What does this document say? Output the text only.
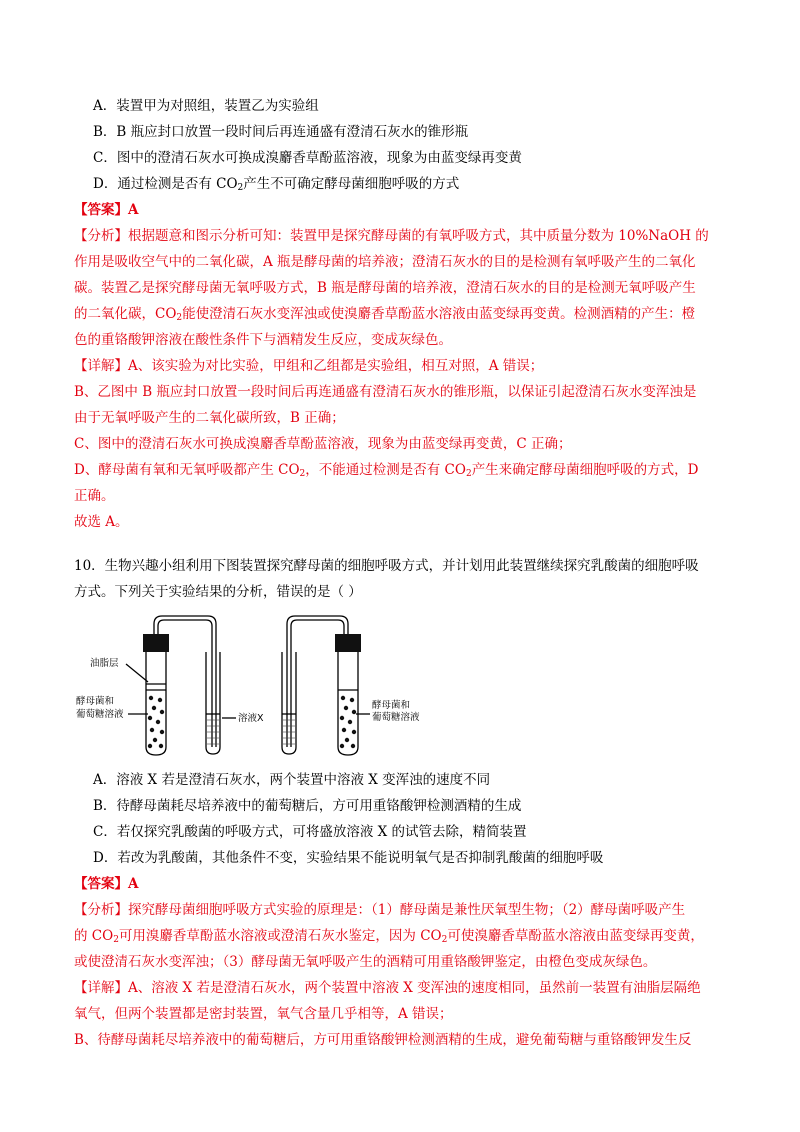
A．装置甲为对照组，装置乙为实验组
B．B 瓶应封口放置一段时间后再连通盛有澄清石灰水的锥形瓶
C．图中的澄清石灰水可换成溴麝香草酚蓝溶液，现象为由蓝变绿再变黄
D．通过检测是否有 $CO_2$产生不可确定酵母菌细胞呼吸的方式
【答案】A
【分析】根据题意和图示分析可知：装置甲是探究酵母菌的有氧呼吸方式，其中质量分数为 10%NaOH 的
作用是吸收空气中的二氧化碳，A 瓶是酵母菌的培养液；澄清石灰水的目的是检测有氧呼吸产生的二氧化
碳。装置乙是探究酵母菌无氧呼吸方式，B 瓶是酵母菌的培养液，澄清石灰水的目的是检测无氧呼吸产生
的二氧化碳，$CO_2$能使澄清石灰水变浑浊或使溴麝香草酚蓝水溶液由蓝变绿再变黄。检测酒精的产生：橙
色的重铬酸钾溶液在酸性条件下与酒精发生反应，变成灰绿色。
【详解】A、该实验为对比实验，甲组和乙组都是实验组，相互对照，A 错误；
B、乙图中 B 瓶应封口放置一段时间后再连通盛有澄清石灰水的锥形瓶，以保证引起澄清石灰水变浑浊是
由于无氧呼吸产生的二氧化碳所致，B 正确；
C、图中的澄清石灰水可换成溴麝香草酚蓝溶液，现象为由蓝变绿再变黄，C 正确；
D、酵母菌有氧和无氧呼吸都产生 $CO_2$，不能通过检测是否有 $CO_2$产生来确定酵母菌细胞呼吸的方式，D
正确。
故选 A。
10．生物兴趣小组利用下图装置探究酵母菌的细胞呼吸方式，并计划用此装置继续探究乳酸菌的细胞呼吸
方式。下列关于实验结果的分析，错误的是（ ）
油脂层
酵母菌和
葡萄糖溶液	溶液X
酵母菌和
葡萄糖溶液
A．溶液 X 若是澄清石灰水，两个装置中溶液 X 变浑浊的速度不同
B．待酵母菌耗尽培养液中的葡萄糖后，方可用重铬酸钾检测酒精的生成
C．若仅探究乳酸菌的呼吸方式，可将盛放溶液 X 的试管去除，精简装置
D．若改为乳酸菌，其他条件不变，实验结果不能说明氧气是否抑制乳酸菌的细胞呼吸
【答案】A
【分析】探究酵母菌细胞呼吸方式实验的原理是：（1）酵母菌是兼性厌氧型生物；（2）酵母菌呼吸产生
的 $CO_2$可用溴麝香草酚蓝水溶液或澄清石灰水鉴定，因为 $CO_2$可使溴麝香草酚蓝水溶液由蓝变绿再变黄，
或使澄清石灰水变浑浊；（3）酵母菌无氧呼吸产生的酒精可用重铬酸钾鉴定，由橙色变成灰绿色。
【详解】A、溶液 X 若是澄清石灰水，两个装置中溶液 X 变浑浊的速度相同，虽然前一装置有油脂层隔绝
氧气，但两个装置都是密封装置，氧气含量几乎相等，A 错误；
B、待酵母菌耗尽培养液中的葡萄糖后，方可用重铬酸钾检测酒精的生成，避免葡萄糖与重铬酸钾发生反
